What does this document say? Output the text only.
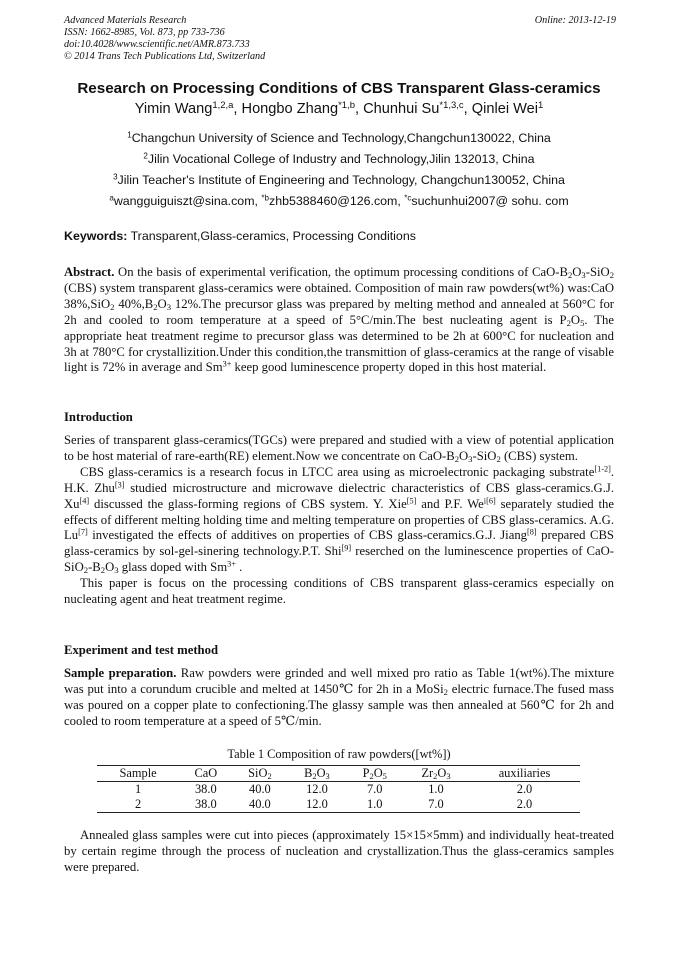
Advanced Materials Research
ISSN: 1662-8985, Vol. 873, pp 733-736
doi:10.4028/www.scientific.net/AMR.873.733
© 2014 Trans Tech Publications Ltd, Switzerland
Online: 2013-12-19
Research on Processing Conditions of CBS Transparent Glass-ceramics
Yimin Wang$^{1,2,a}$, Hongbo Zhang$^{*1,b}$, Chunhui Su$^{*1,3,c}$, Qinlei Wei$^1$
$^1$Changchun University of Science and Technology,Changchun130022, China
$^2$Jilin Vocational College of Industry and Technology,Jilin 132013, China
$^3$Jilin Teacher's Institute of Engineering and Technology, Changchun130052, China
$^a$wangguiguiszt@sina.com, $^{*b}$zhb5388460@126.com, $^{*c}$suchunhui2007@ sohu. com
Keywords: Transparent,Glass-ceramics, Processing Conditions

Abstract. On the basis of experimental verification, the optimum processing conditions of CaO-$B_2O_3-SiO_2$ (CBS) system transparent glass-ceramics were obtained. Composition of main raw powders(wt%) was:CaO 38%,SiO$_2$ $40\%,B_2O_3$ 12%.The precursor glass was prepared by melting method and annealed at 560°C for 2h and cooled to room temperature at a speed of 5°C/min.The best nucleating agent is $P_2O_5$. The appropriate heat treatment regime to precursor glass was determined to be 2h at 600°C for nucleation and 3h at 780°C for crystallizition.Under this condition,the transmittion of glass-ceramics at the range of visable light is 72% in average and $Sm^{3+}$ keep good luminescence property doped in this host material.

Introduction

Series of transparent glass-ceramics(TGCs) were prepared and studied with a view of potential application to be host material of rare-earth(RE) element.Now we concentrate on CaO-$B_2O_3-SiO_2$ (CBS) system.

CBS glass-ceramics is a research focus in LTCC area using as microelectronic packaging substrate[1-2]. H.K. Zhu[3] studied microstructure and microwave dielectric characteristics of CBS glass-ceramics.G.J. Xu[4] discussed the glass-forming regions of CBS system. Y. Xie[5] and P.F. $We^{i[6]}$ separately studied the effects of different melting holding time and melting temperature on properties of CBS glass-ceramics. A.G. Lu[7] investigated the effects of additives on properties of CBS glass-ceramics.G.J. Jiang[8] prepared CBS glass-ceramics by sol-gel-sinering technology.P.T. Shi[9] reserched on the luminescence properties of CaO-$SiO_2-B_2O_3$ glass doped with $Sm^{3+}$ .

This paper is focus on the processing conditions of CBS transparent glass-ceramics especially on nucleating agent and heat treatment regime.

Experiment and test method

Sample preparation. Raw powders were grinded and well mixed pro ratio as Table 1(wt%).The mixture was put into a corundum crucible and melted at 1450℃ for 2h in a MoSi$_2$ electric furnace.The fused mass was poured on a copper plate to confectioning.The glassy sample was then annealed at 560℃ for 2h and cooled to room temperature at a speed of 5℃/min.

Table 1 Composition of raw powders([wt%])
Sample	CaO	SiO$_2$	$B_2O_3$	$P_2O_5$	$Zr_2O_3$	auxiliaries
1	38.0	40.0	12.0	7.0	1.0	2.0
2	38.0	40.0	12.0	1.0	7.0	2.0

Annealed glass samples were cut into pieces (approximately 15×15×5mm) and individually heat-treated by certain regime through the process of nucleation and crystallization.Thus the glass-ceramics samples were prepared.
